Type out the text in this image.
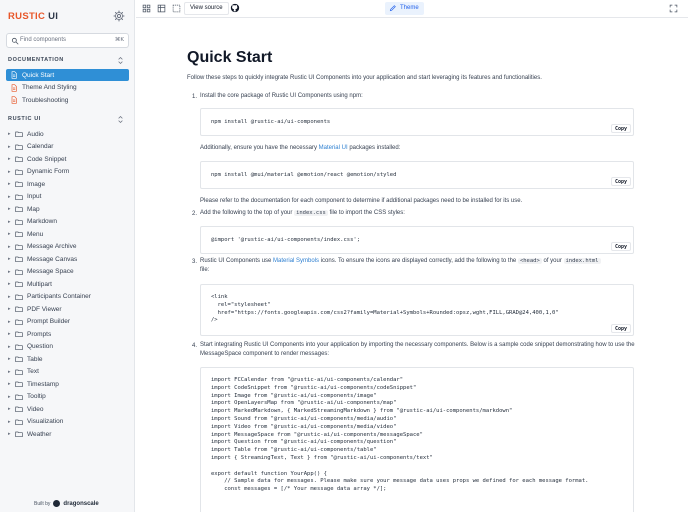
RUSTIC UI
Find components	⌘K
DOCUMENTATION
Quick Start
Theme And Styling
Troubleshooting
RUSTIC UI
▸	Audio
▸	Calendar
▸	Code Snippet
▸	Dynamic Form
▸	Image
▸	Input
▸	Map
▸	Markdown
▸	Menu
▸	Message Archive
▸	Message Canvas
▸	Message Space
▸	Multipart
▸	Participants Container
▸	PDF Viewer
▸	Prompt Builder
▸	Prompts
▸	Question
▸	Table
▸	Text
▸	Timestamp
▸	Tooltip
▸	Video
▸	Visualization
▸	Weather
Built by dragonscale
View source	Theme
Quick Start
Follow these steps to quickly integrate Rustic UI Components into your application and start leveraging its features and functionalities.
1. Install the core package of Rustic UI Components using npm:
npm install @rustic-ai/ui-components
Copy
Additionally, ensure you have the necessary Material UI packages installed:
npm install @mui/material @emotion/react @emotion/styled
Copy
Please refer to the documentation for each component to determine if additional packages need to be installed for its use.
2. Add the following to the top of your index.css file to import the CSS styles:
@import '@rustic-ai/ui-components/index.css';
Copy
3. Rustic UI Components use Material Symbols icons. To ensure the icons are displayed correctly, add the following to the <head> of your index.html
file:
<link
rel="stylesheet"
href="https://fonts.googleapis.com/css2?family=Material+Symbols+Rounded:opsz,wght,FILL,GRAD@24,400,1,0"
/>
Copy
4. Start integrating Rustic UI Components into your application by importing the necessary components. Below is a sample code snippet demonstrating how to use the MessageSpace component to render messages:
import FCCalendar from "@rustic-ai/ui-components/calendar"
import CodeSnippet from "@rustic-ai/ui-components/codeSnippet"
import Image from "@rustic-ai/ui-components/image"
import OpenLayersMap from "@rustic-ai/ui-components/map"
import MarkedMarkdown, { MarkedStreamingMarkdown } from "@rustic-ai/ui-components/markdown"
import Sound from "@rustic-ai/ui-components/media/audio"
import Video from "@rustic-ai/ui-components/media/video"
import MessageSpace from "@rustic-ai/ui-components/messageSpace"
import Question from "@rustic-ai/ui-components/question"
import Table from "@rustic-ai/ui-components/table"
import { StreamingText, Text } from "@rustic-ai/ui-components/text"

export default function YourApp() {
// Sample data for messages. Please make sure your message data uses props we defined for each message format.
const messages = [/* Your message data array */];
